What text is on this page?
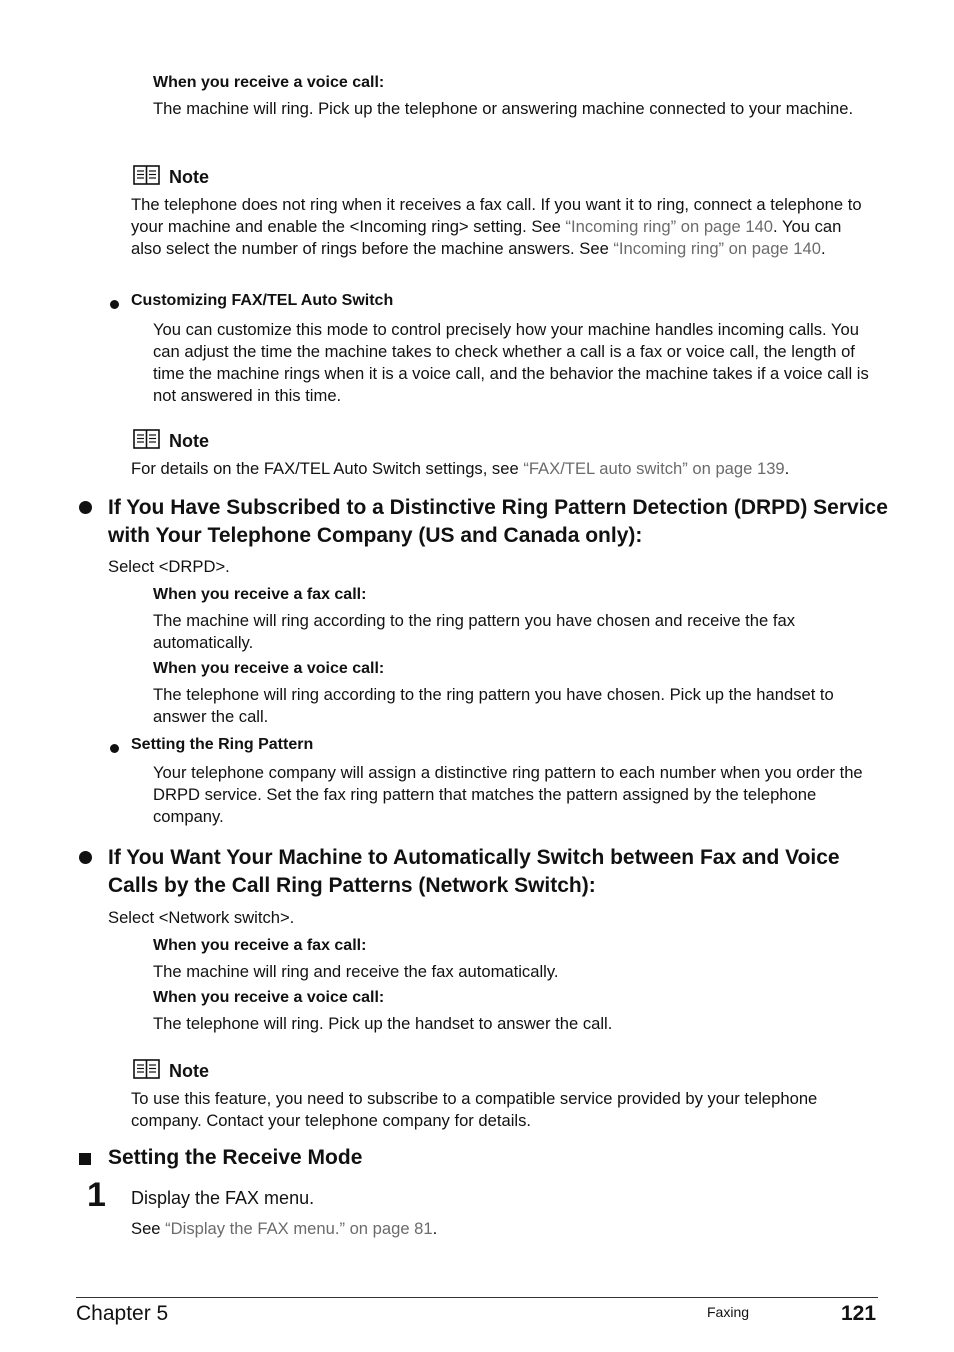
When you receive a voice call:
The machine will ring. Pick up the telephone or answering machine connected to your machine.
Note
The telephone does not ring when it receives a fax call. If you want it to ring, connect a telephone to your machine and enable the <Incoming ring> setting. See “Incoming ring” on page 140. You can also select the number of rings before the machine answers. See “Incoming ring” on page 140.
Customizing FAX/TEL Auto Switch
You can customize this mode to control precisely how your machine handles incoming calls. You can adjust the time the machine takes to check whether a call is a fax or voice call, the length of time the machine rings when it is a voice call, and the behavior the machine takes if a voice call is not answered in this time.
Note
For details on the FAX/TEL Auto Switch settings, see “FAX/TEL auto switch” on page 139.
If You Have Subscribed to a Distinctive Ring Pattern Detection (DRPD) Service with Your Telephone Company (US and Canada only):
Select <DRPD>.
When you receive a fax call:
The machine will ring according to the ring pattern you have chosen and receive the fax automatically.
When you receive a voice call:
The telephone will ring according to the ring pattern you have chosen. Pick up the handset to answer the call.
Setting the Ring Pattern
Your telephone company will assign a distinctive ring pattern to each number when you order the DRPD service. Set the fax ring pattern that matches the pattern assigned by the telephone company.
If You Want Your Machine to Automatically Switch between Fax and Voice Calls by the Call Ring Patterns (Network Switch):
Select <Network switch>.
When you receive a fax call:
The machine will ring and receive the fax automatically.
When you receive a voice call:
The telephone will ring. Pick up the handset to answer the call.
Note
To use this feature, you need to subscribe to a compatible service provided by your telephone company. Contact your telephone company for details.
Setting the Receive Mode
1 Display the FAX menu.
See “Display the FAX menu.” on page 81.
Chapter 5	Faxing	121
